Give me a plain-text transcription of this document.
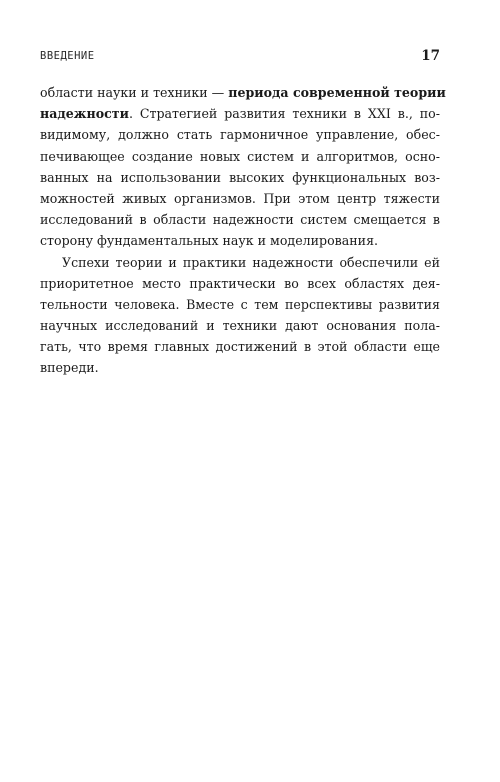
ВВЕДЕНИЕ	17
области науки и техники — периода современной теории
надежности. Стратегией развития техники в XXI в., по-
видимому, должно стать гармоничное управление, обес-
печивающее создание новых систем и алгоритмов, осно-
ванных на использовании высоких функциональных воз-
можностей живых организмов. При этом центр тяжести
исследований в области надежности систем смещается в
сторону фундаментальных наук и моделирования.
Успехи теории и практики надежности обеспечили ей
приоритетное место практически во всех областях дея-
тельности человека. Вместе с тем перспективы развития
научных исследований и техники дают основания пола-
гать, что время главных достижений в этой области еще
впереди.
